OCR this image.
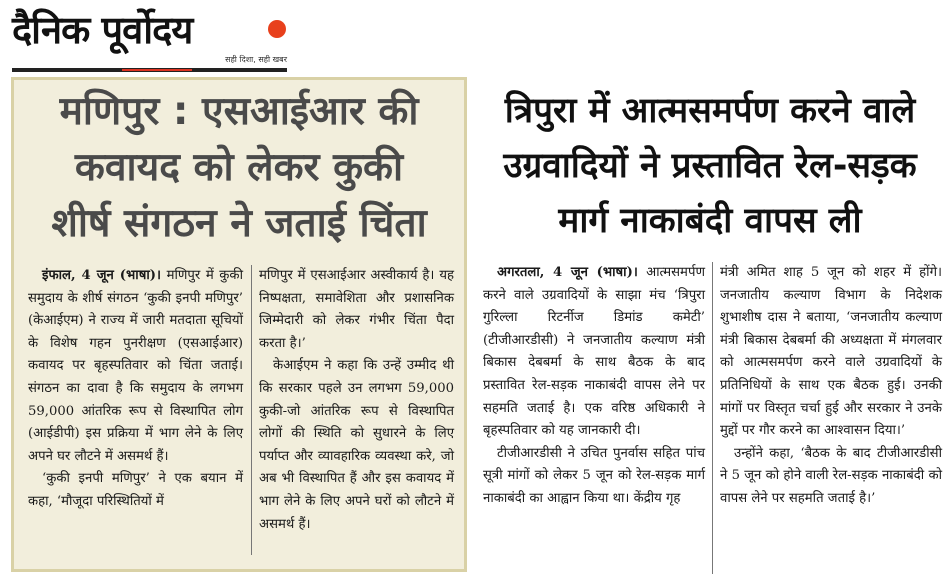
दैनिक पूर्वोदय
सही दिशा, सही खबर
मणिपुर : एसआईआर की
कवायद को लेकर कुकी
शीर्ष संगठन ने जताई चिंता

इंफाल, 4 जून (भाषा)। मणिपुर में कुकी समुदाय के शीर्ष संगठन ‘कुकी इनपी मणिपुर’ (केआईएम) ने राज्य में जारी मतदाता सूचियों के विशेष गहन पुनरीक्षण (एसआईआर) कवायद पर बृहस्पतिवार को चिंता जताई। संगठन का दावा है कि समुदाय के लगभग 59,000 आंतरिक रूप से विस्थापित लोग (आईडीपी) इस प्रक्रिया में भाग लेने के लिए अपने घर लौटने में असमर्थ हैं।

‘कुकी इनपी मणिपुर’ ने एक बयान में कहा, ‘मौजूदा परिस्थितियों में

मणिपुर में एसआईआर अस्वीकार्य है। यह निष्पक्षता, समावेशिता और प्रशासनिक जिम्मेदारी को लेकर गंभीर चिंता पैदा करता है।’

केआईएम ने कहा कि उन्हें उम्मीद थी कि सरकार पहले उन लगभग 59,000 कुकी-जो आंतरिक रूप से विस्थापित लोगों की स्थिति को सुधारने के लिए पर्याप्त और व्यावहारिक व्यवस्था करे, जो अब भी विस्थापित हैं और इस कवायद में भाग लेने के लिए अपने घरों को लौटने में असमर्थ हैं।

त्रिपुरा में आत्मसमर्पण करने वाले
उग्रवादियों ने प्रस्तावित रेल-सड़क
मार्ग नाकाबंदी वापस ली

अगरतला, 4 जून (भाषा)। आत्मसमर्पण करने वाले उग्रवादियों के साझा मंच ‘त्रिपुरा गुरिल्ला रिटर्नीज डिमांड कमेटी’ (टीजीआरडीसी) ने जनजातीय कल्याण मंत्री बिकास देबबर्मा के साथ बैठक के बाद प्रस्तावित रेल-सड़क नाकाबंदी वापस लेने पर सहमति जताई है। एक वरिष्ठ अधिकारी ने बृहस्पतिवार को यह जानकारी दी।

टीजीआरडीसी ने उचित पुनर्वास सहित पांच सूत्री मांगों को लेकर 5 जून को रेल-सड़क मार्ग नाकाबंदी का आह्वान किया था। केंद्रीय गृह

मंत्री अमित शाह 5 जून को शहर में होंगे। जनजातीय कल्याण विभाग के निदेशक शुभाशीष दास ने बताया, ‘जनजातीय कल्याण मंत्री बिकास देबबर्मा की अध्यक्षता में मंगलवार को आत्मसमर्पण करने वाले उग्रवादियों के प्रतिनिधियों के साथ एक बैठक हुई। उनकी मांगों पर विस्तृत चर्चा हुई और सरकार ने उनके मुद्दों पर गौर करने का आश्वासन दिया।’

उन्होंने कहा, ‘बैठक के बाद टीजीआरडीसी ने 5 जून को होने वाली रेल-सड़क नाकाबंदी को वापस लेने पर सहमति जताई है।’
